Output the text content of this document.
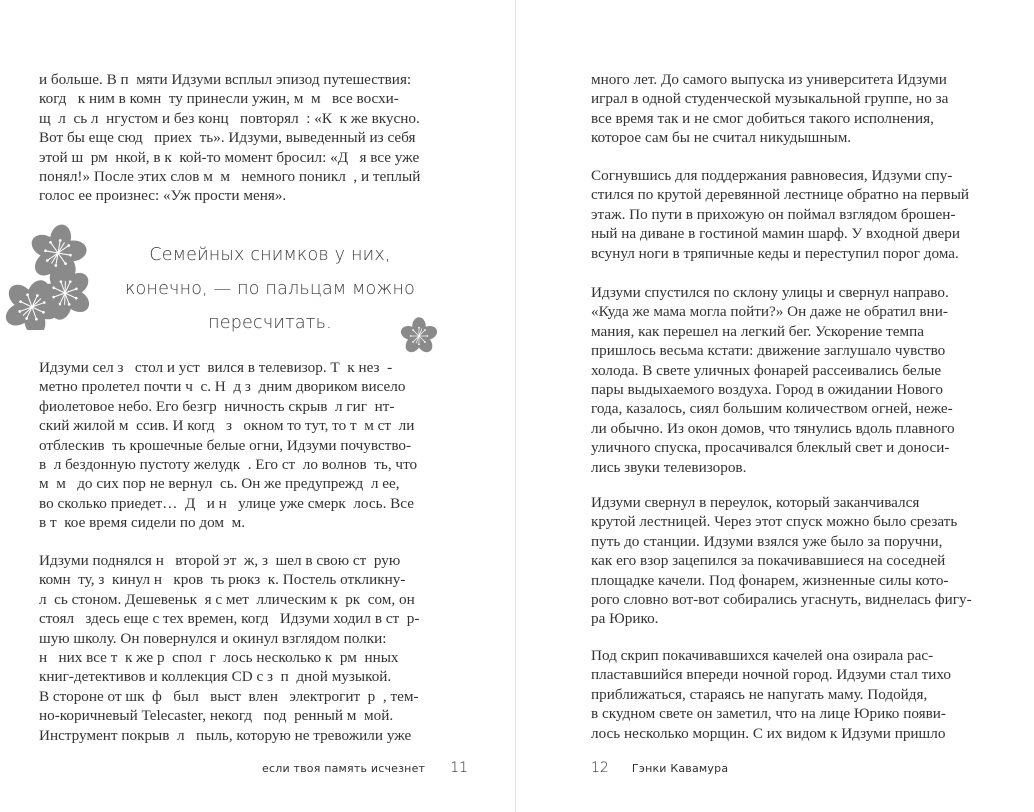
и больше. В п  мяти Идзуми всплыл эпизод путешествия:
когд   к ним в комн  ту принесли ужин, м  м   все восхи-
щ  л  сь л  нгустом и без конц   повторял  : «К  к же вкусно.
Вот бы еще сюд   приех  ть». Идзуми, выведенный из себя
этой ш  рм  нкой, в к  кой-то момент бросил: «Д   я все уже
понял!» После этих слов м  м   немного поникл  , и теплый
голос ее произнес: «Уж прости меня».
Идзуми сел з   стол и уст  вился в телевизор. Т  к нез  -
метно пролетел почти ч  с. Н  д з  дним двориком висело
фиолетовое небо. Его безгр  ничность скрыв  л гиг  нт-
ский жилой м  ссив. И когд   з   окном то тут, то т  м ст  ли
отблескив  ть крошечные белые огни, Идзуми почувство-
в  л бездонную пустоту желудк  . Его ст  ло волнов  ть, что
м  м   до сих пор не вернул  сь. Он же предупрежд  л ее,
во сколько приедет…  Д   и н   улице уже смерк  лось. Все
в т  кое время сидели по дом  м.
Идзуми поднялся н   второй эт  ж, з  шел в свою ст  рую
комн  ту, з  кинул н   кров  ть рюкз  к. Постель откликну-
л  сь стоном. Дешевеньк  я с мет  ллическим к  рк  сом, он
стоял   здесь еще с тех времен, когд   Идзуми ходил в ст  р-
шую школу. Он повернулся и окинул взглядом полки:
н   них все т  к же р  спол  г  лось несколько к  рм  нных
книг-детективов и коллекция CD с з  п  дной музыкой.
В стороне от шк  ф   был   выст  влен   электрогит  р  , тем-
но-коричневый Telecaster, некогд   под  ренный м  мой.
Инструмент покрыв  л   пыль, которую не тревожили уже
Семейных снимков у них,
конечно, — по пальцам можно
пересчитать.
много лет. До самого выпуска из университета Идзуми
играл в одной студенческой музыкальной группе, но за
все время так и не смог добиться такого исполнения,
которое сам бы не считал никудышным.
Согнувшись для поддержания равновесия, Идзуми спу-
стился по крутой деревянной лестнице обратно на первый
этаж. По пути в прихожую он поймал взглядом брошен-
ный на диване в гостиной мамин шарф. У входной двери
всунул ноги в тряпичные кеды и переступил порог дома.
Идзуми спустился по склону улицы и свернул направо.
«Куда же мама могла пойти?» Он даже не обратил вни-
мания, как перешел на легкий бег. Ускорение темпа
пришлось весьма кстати: движение заглушало чувство
холода. В свете уличных фонарей рассеивались белые
пары выдыхаемого воздуха. Город в ожидании Нового
года, казалось, сиял большим количеством огней, неже-
ли обычно. Из окон домов, что тянулись вдоль плавного
уличного спуска, просачивался блеклый свет и доноси-
лись звуки телевизоров.
Идзуми свернул в переулок, который заканчивался
крутой лестницей. Через этот спуск можно было срезать
путь до станции. Идзуми взялся уже было за поручни,
как его взор зацепился за покачивавшиеся на соседней
площадке качели. Под фонарем, жизненные силы кото-
рого словно вот-вот собирались угаснуть, виднелась фигу-
ра Юрико.
Под скрип покачивавшихся качелей она озирала рас-
пластавшийся впереди ночной город. Идзуми стал тихо
приближаться, стараясь не напугать маму. Подойдя,
в скудном свете он заметил, что на лице Юрико появи-
лось несколько морщин. С их видом к Идзуми пришло
если твоя память исчезнет 11	12 Гэнки Кавамура
